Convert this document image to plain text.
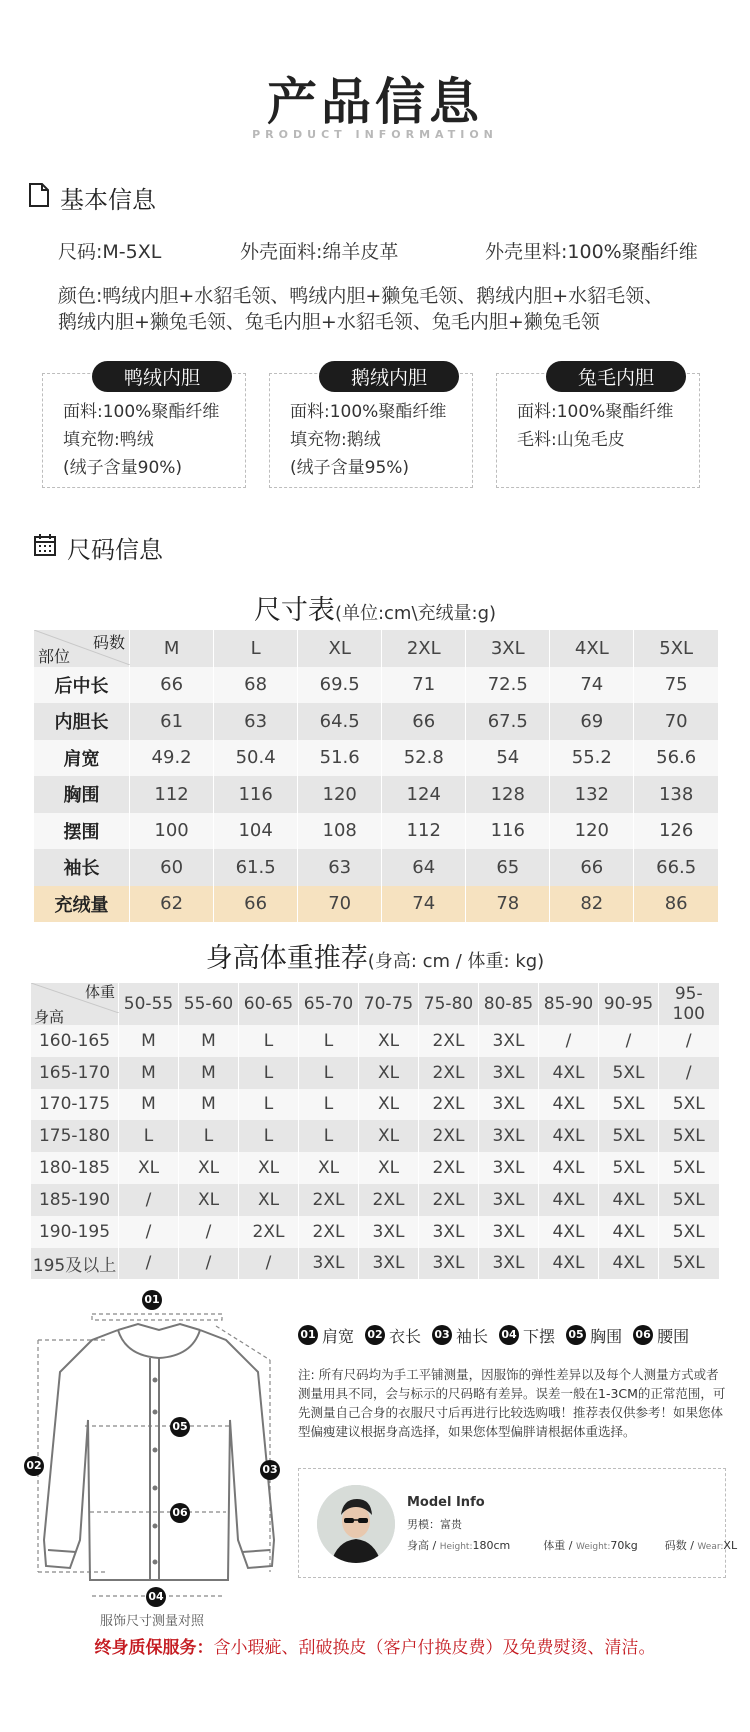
产品信息
PRODUCT INFORMATION
基本信息
尺码:M-5XL	外壳面料:绵羊皮革	外壳里料:100%聚酯纤维
颜色:鸭绒内胆+水貂毛领、鸭绒内胆+獭兔毛领、鹅绒内胆+水貂毛领、
鹅绒内胆+獭兔毛领、兔毛内胆+水貂毛领、兔毛内胆+獭兔毛领
面料:100%聚酯纤维
填充物:鸭绒
(绒子含量90%)
鸭绒内胆
面料:100%聚酯纤维
填充物:鹅绒
(绒子含量95%)
鹅绒内胆
面料:100%聚酯纤维
毛料:山兔毛皮
兔毛内胆
尺码信息
尺寸表(单位:cm\充绒量:g)
码数
部位	M	L	XL	2XL	3XL	4XL	5XL
后中长	66	68	69.5	71	72.5	74	75
内胆长	61	63	64.5	66	67.5	69	70
肩宽	49.2	50.4	51.6	52.8	54	55.2	56.6
胸围	112	116	120	124	128	132	138
摆围	100	104	108	112	116	120	126
袖长	60	61.5	63	64	65	66	66.5
充绒量	62	66	70	74	78	82	86
身高体重推荐(身高: cm / 体重: kg)
体重
身高	50-55	55-60	60-65	65-70	70-75	75-80	80-85	85-90	90-95	95-100
160-165	M	M	L	L	XL	2XL	3XL	/	/	/
165-170	M	M	L	L	XL	2XL	3XL	4XL	5XL	/
170-175	M	M	L	L	XL	2XL	3XL	4XL	5XL	5XL
175-180	L	L	L	L	XL	2XL	3XL	4XL	5XL	5XL
180-185	XL	XL	XL	XL	XL	2XL	3XL	4XL	5XL	5XL
185-190	/	XL	XL	2XL	2XL	2XL	3XL	4XL	4XL	5XL
190-195	/	/	2XL	2XL	3XL	3XL	3XL	4XL	4XL	5XL
195及以上	/	/	/	3XL	3XL	3XL	3XL	4XL	4XL	5XL
01
02	03
04
05
06
服饰尺寸测量对照
01 肩宽 02 衣长 03 袖长 04 下摆 05 胸围 06 腰围
注: 所有尺码均为手工平铺测量，因服饰的弹性差异以及每个人测量方式或者测量用具不同，会与标示的尺码略有差异。误差一般在1-3CM的正常范围，可先测量自己合身的衣服尺寸后再进行比较选购哦！推荐表仅供参考！如果您体型偏瘦建议根据身高选择，如果您体型偏胖请根据体重选择。
Model Info
男模：富贵
身高 / Height:180cm	体重 / Weight:70kg 码数 / Wear:XL
终身质保服务：含小瑕疵、刮破换皮（客户付换皮费）及免费熨烫、清洁。
